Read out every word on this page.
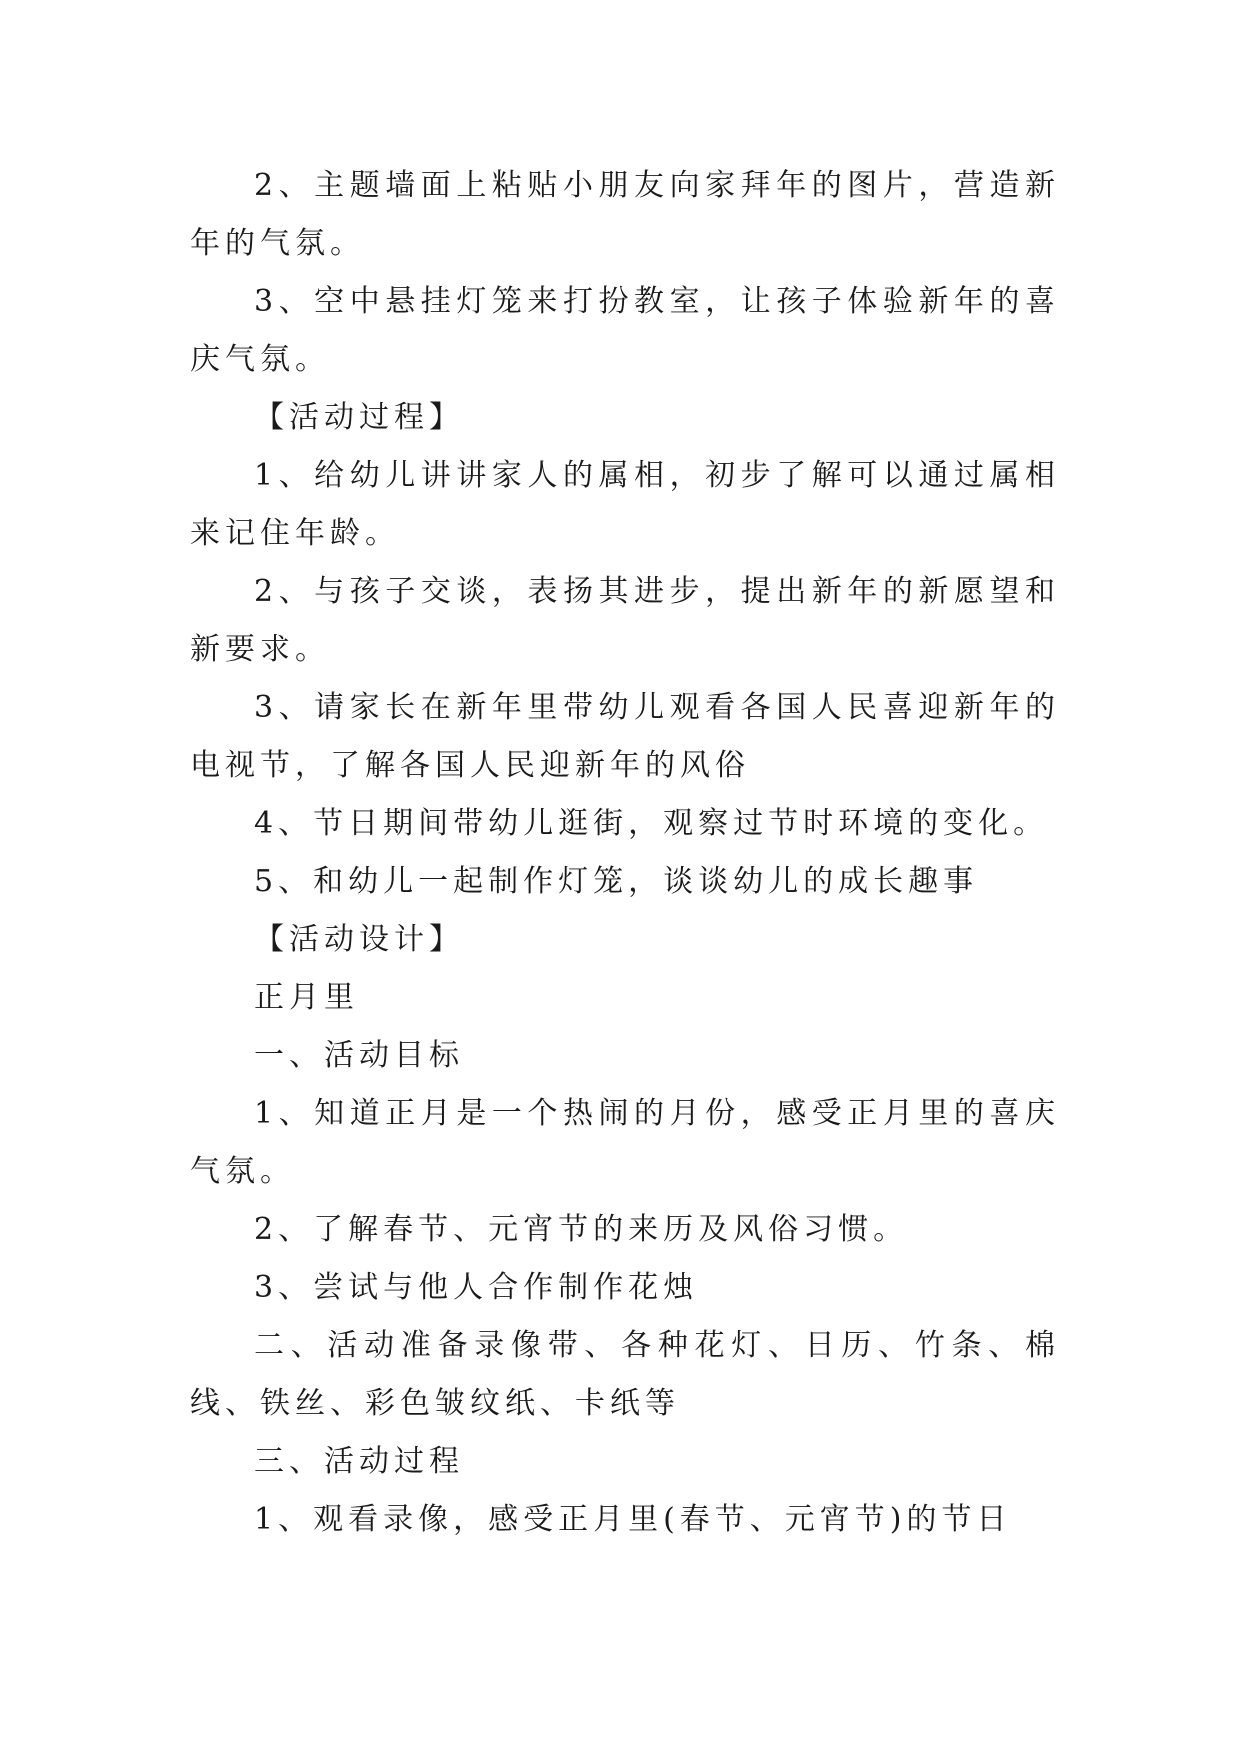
2、主题墙面上粘贴小朋友向家拜年的图片，营造新年的气氛。

3、空中悬挂灯笼来打扮教室，让孩子体验新年的喜庆气氛。

【活动过程】

1、给幼儿讲讲家人的属相，初步了解可以通过属相来记住年龄。

2、与孩子交谈，表扬其进步，提出新年的新愿望和新要求。

3、请家长在新年里带幼儿观看各国人民喜迎新年的电视节，了解各国人民迎新年的风俗

4、节日期间带幼儿逛街，观察过节时环境的变化。

5、和幼儿一起制作灯笼，谈谈幼儿的成长趣事

【活动设计】

正月里

一、活动目标

1、知道正月是一个热闹的月份，感受正月里的喜庆气氛。

2、了解春节、元宵节的来历及风俗习惯。

3、尝试与他人合作制作花烛

二、活动准备录像带、各种花灯、日历、竹条、棉线、铁丝、彩色皱纹纸、卡纸等

三、活动过程

1、观看录像，感受正月里(春节、元宵节)的节日
